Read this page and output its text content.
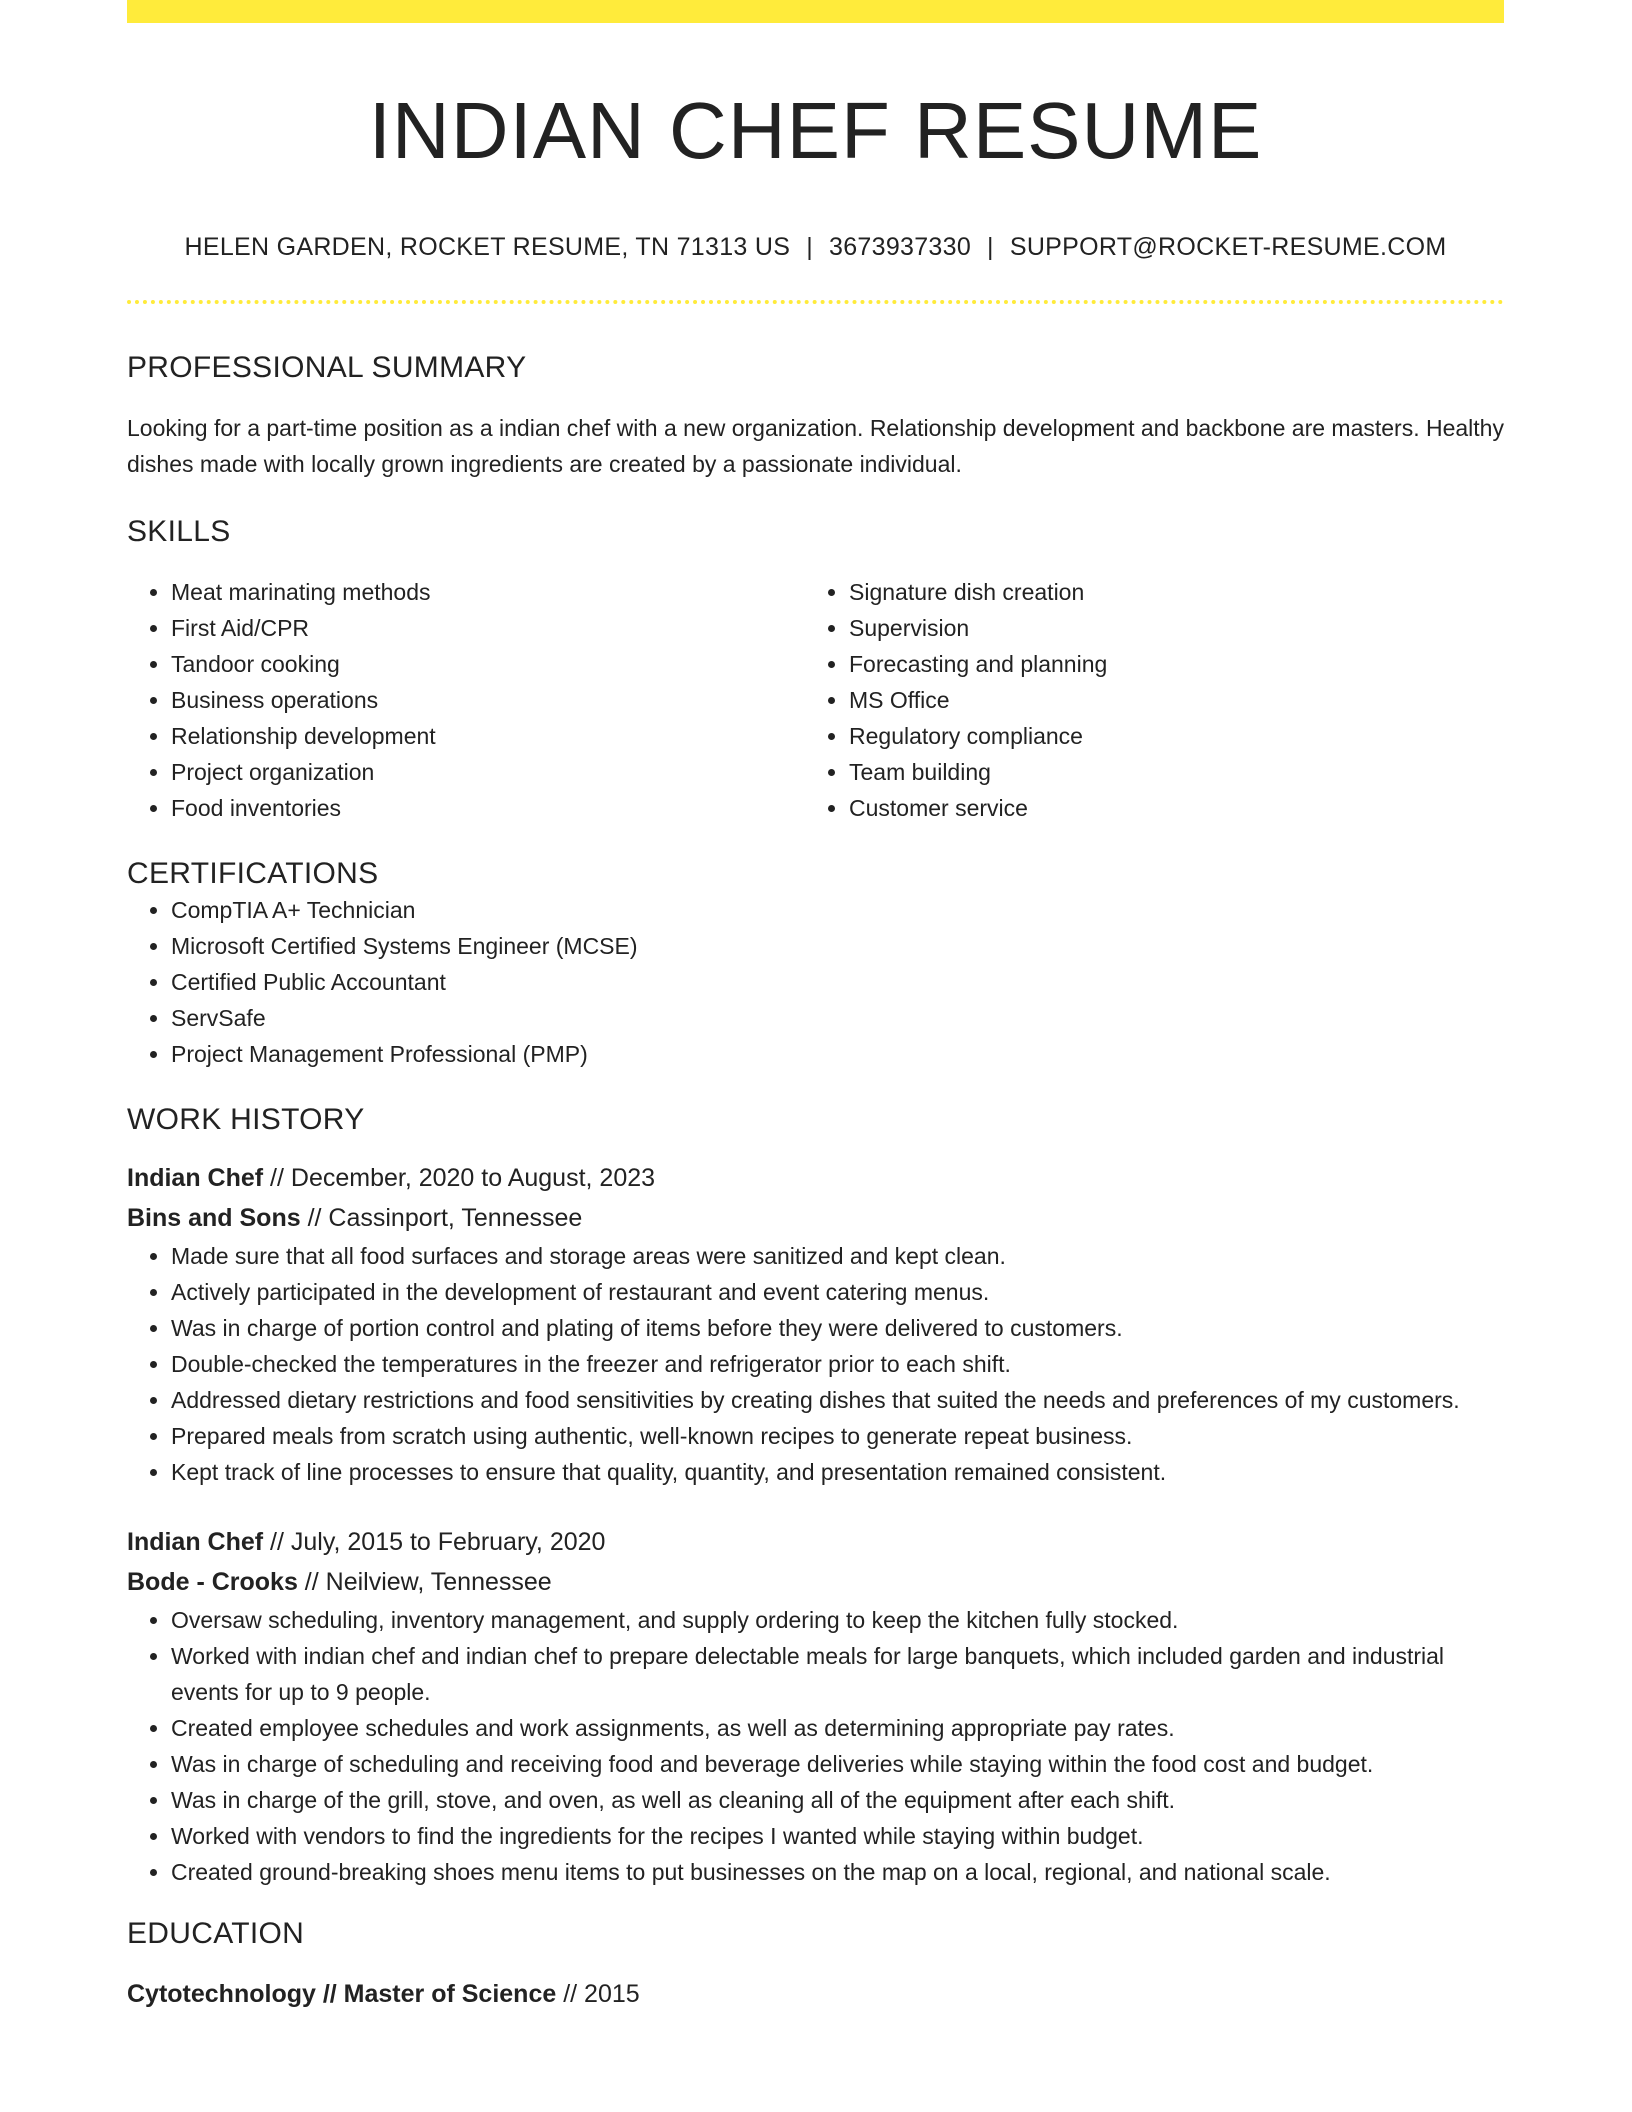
INDIAN CHEF RESUME
HELEN GARDEN, ROCKET RESUME, TN 71313 US | 3673937330 | SUPPORT@ROCKET-RESUME.COM
PROFESSIONAL SUMMARY

Looking for a part-time position as a indian chef with a new organization. Relationship development and backbone are masters. Healthy dishes made with locally grown ingredients are created by a passionate individual.

SKILLS
• Meat marinating methods
• First Aid/CPR
• Tandoor cooking
• Business operations
• Relationship development
• Project organization
• Food inventories
• Signature dish creation
• Supervision
• Forecasting and planning
• MS Office
• Regulatory compliance
• Team building
• Customer service
CERTIFICATIONS
• CompTIA A+ Technician
• Microsoft Certified Systems Engineer (MCSE)
• Certified Public Accountant
• ServSafe
• Project Management Professional (PMP)
WORK HISTORY
Indian Chef // December, 2020 to August, 2023
Bins and Sons // Cassinport, Tennessee
• Made sure that all food surfaces and storage areas were sanitized and kept clean.
• Actively participated in the development of restaurant and event catering menus.
• Was in charge of portion control and plating of items before they were delivered to customers.
• Double-checked the temperatures in the freezer and refrigerator prior to each shift.
• Addressed dietary restrictions and food sensitivities by creating dishes that suited the needs and preferences of my customers.
• Prepared meals from scratch using authentic, well-known recipes to generate repeat business.
• Kept track of line processes to ensure that quality, quantity, and presentation remained consistent.
Indian Chef // July, 2015 to February, 2020
Bode - Crooks // Neilview, Tennessee
• Oversaw scheduling, inventory management, and supply ordering to keep the kitchen fully stocked.
• Worked with indian chef and indian chef to prepare delectable meals for large banquets, which included garden and industrial events for up to 9 people.
• Created employee schedules and work assignments, as well as determining appropriate pay rates.
• Was in charge of scheduling and receiving food and beverage deliveries while staying within the food cost and budget.
• Was in charge of the grill, stove, and oven, as well as cleaning all of the equipment after each shift.
• Worked with vendors to find the ingredients for the recipes I wanted while staying within budget.
• Created ground-breaking shoes menu items to put businesses on the map on a local, regional, and national scale.
EDUCATION
Cytotechnology // Master of Science // 2015
